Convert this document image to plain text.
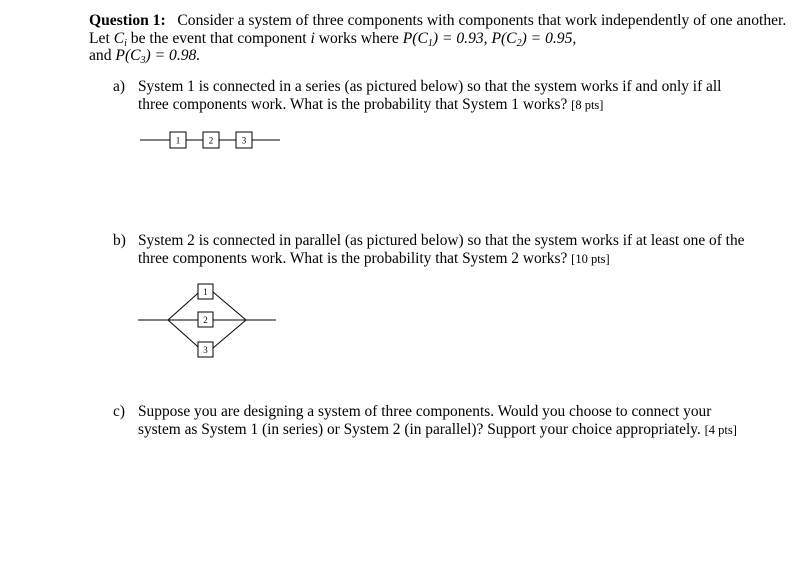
Question 1: Consider a system of three components with components that work independently of one another. Let $C_i$ be the event that component i works where $P(C_1) = 0.93$, $P(C_2) = 0.95$,
and $P(C_3) = 0.98$.
a) System 1 is connected in a series (as pictured below) so that the system works if and only if all three components work. What is the probability that System 1 works? [8 pts]
1	2	3
b) System 2 is connected in parallel (as pictured below) so that the system works if at least one of the three components work. What is the probability that System 2 works? [10 pts]
1
2
3
c) Suppose you are designing a system of three components. Would you choose to connect your system as System 1 (in series) or System 2 (in parallel)? Support your choice appropriately. [4 pts]
